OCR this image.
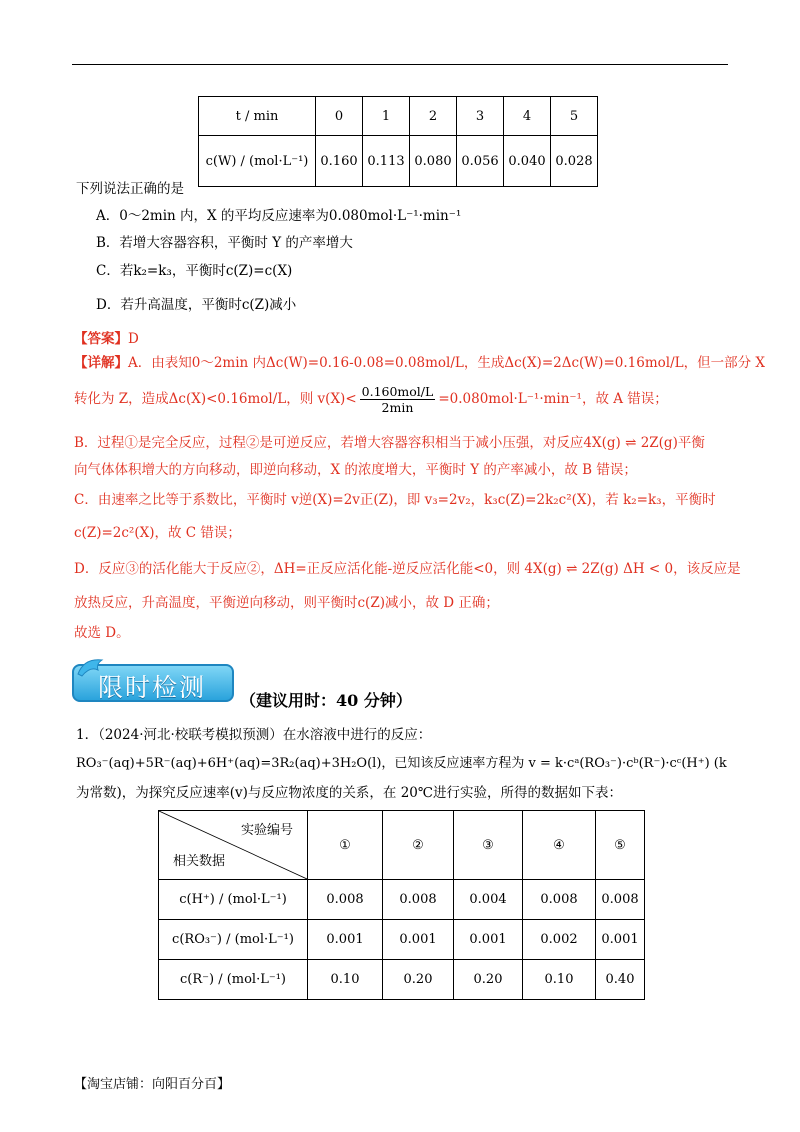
t / min	0	1	2	3	4	5
c(W) / (mol·L⁻¹)	0.160	0.113	0.080	0.056	0.040	0.028
下列说法正确的是
A．0～2min 内，X 的平均反应速率为0.080mol·L⁻¹·min⁻¹
B．若增大容器容积，平衡时 Y 的产率增大
C．若k₂=k₃，平衡时c(Z)=c(X)
D．若升高温度，平衡时c(Z)减小
【答案】D
【详解】A．由表知0～2min 内Δc(W)=0.16-0.08=0.08mol/L，生成Δc(X)=2Δc(W)=0.16mol/L，但一部分 X
转化为 Z，造成Δc(X)<0.16mol/L，则 $v(X)< \frac{\text{0.160mol/L}}{2\min} =0.080mol\cdot L^{-1}\cdot\min^{-1}$，故 A 错误；
B．过程①是完全反应，过程②是可逆反应，若增大容器容积相当于减小压强，对反应4X(g) ⇌ 2Z(g)平衡
向气体体积增大的方向移动，即逆向移动，X 的浓度增大，平衡时 Y 的产率减小，故 B 错误；
C．由速率之比等于系数比，平衡时 v逆(X)=2v正(Z)，即 v₃=2v₂，k₃c(Z)=2k₂c²(X)，若 k₂=k₃，平衡时
c(Z)=2c²(X)，故 C 错误；
D．反应③的活化能大于反应②，ΔH=正反应活化能-逆反应活化能<0，则 4X(g) ⇌ 2Z(g) ΔH < 0，该反应是
放热反应，升高温度，平衡逆向移动，则平衡时c(Z)减小，故 D 正确；
故选 D。
限时检测 （建议用时：40 分钟）
1．（2024·河北·校联考模拟预测）在水溶液中进行的反应：
RO₃⁻(aq)+5R⁻(aq)+6H⁺(aq)=3R₂(aq)+3H₂O(l)，已知该反应速率方程为 v = k·cᵃ(RO₃⁻)·cᵇ(R⁻)·cᶜ(H⁺) (k
为常数)，为探究反应速率(v)与反应物浓度的关系，在 20℃进行实验，所得的数据如下表：
实验编号
相关数据	①	②	③	④	⑤
c(H⁺) / (mol·L⁻¹)	0.008	0.008	0.004	0.008	0.008
c(RO₃⁻) / (mol·L⁻¹)	0.001	0.001	0.001	0.002	0.001
c(R⁻) / (mol·L⁻¹)	0.10	0.20	0.20	0.10	0.40
【淘宝店铺：向阳百分百】
